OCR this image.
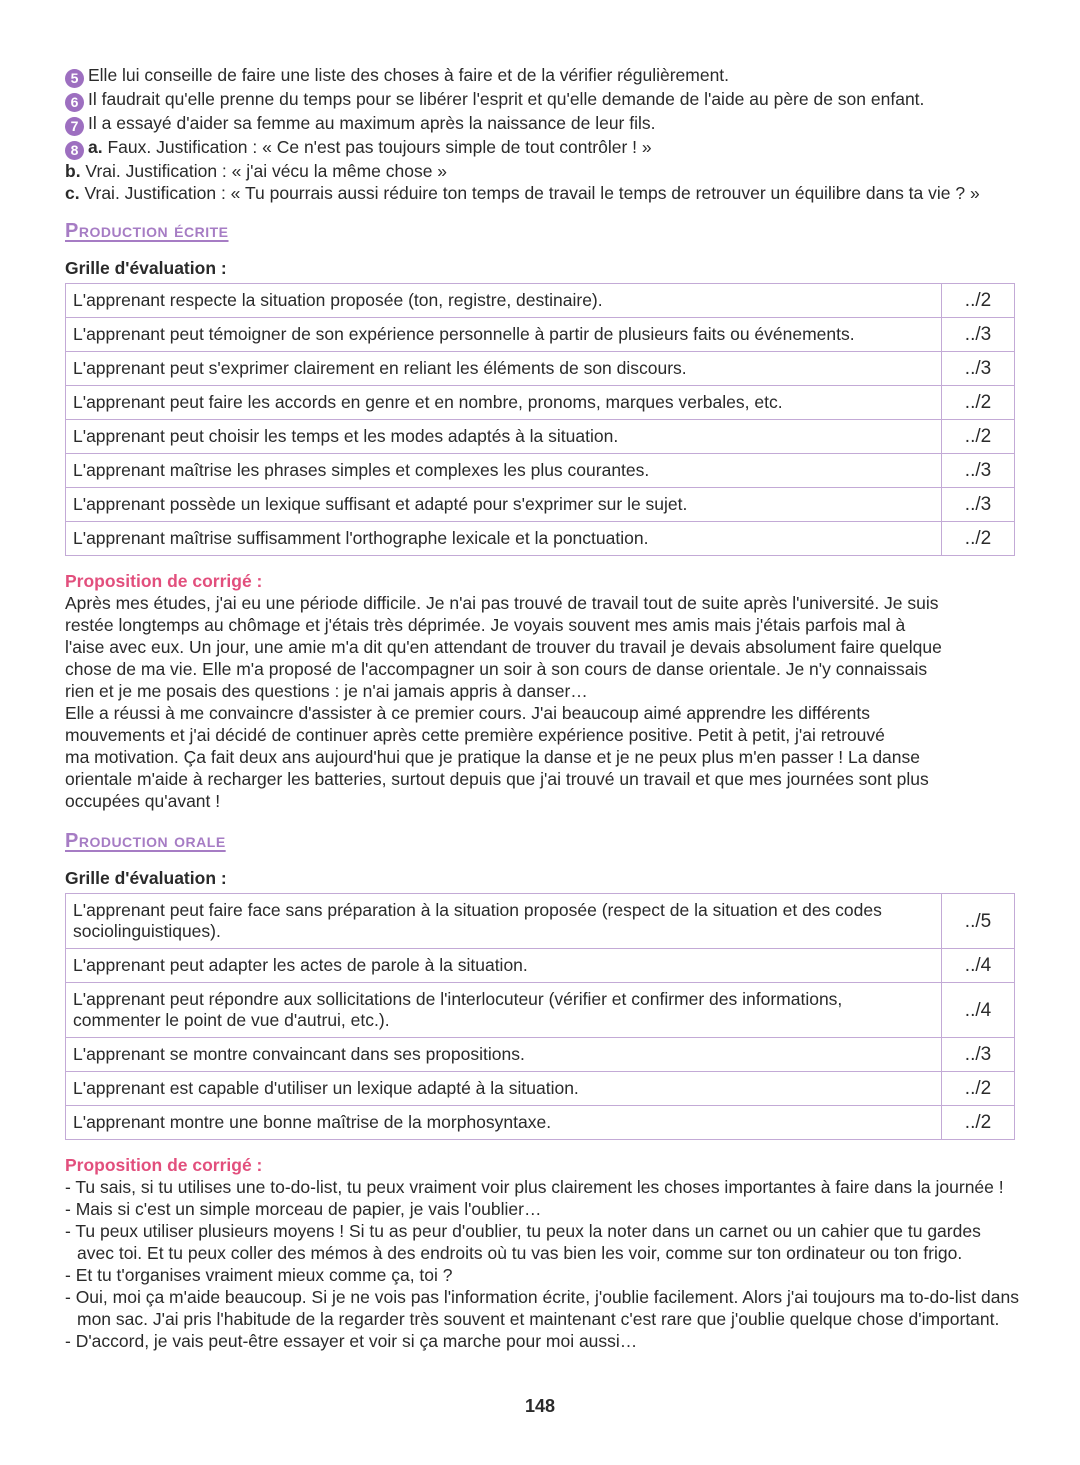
5 Elle lui conseille de faire une liste des choses à faire et de la vérifier régulièrement.
6 Il faudrait qu'elle prenne du temps pour se libérer l'esprit et qu'elle demande de l'aide au père de son enfant.
7 Il a essayé d'aider sa femme au maximum après la naissance de leur fils.
8 a. Faux. Justification : « Ce n'est pas toujours simple de tout contrôler ! »
b. Vrai. Justification : « j'ai vécu la même chose »
c. Vrai. Justification : « Tu pourrais aussi réduire ton temps de travail le temps de retrouver un équilibre dans ta vie ? »
Production écrite
Grille d'évaluation :
L'apprenant respecte la situation proposée (ton, registre, destinaire).	../2
L'apprenant peut témoigner de son expérience personnelle à partir de plusieurs faits ou événements.	../3
L'apprenant peut s'exprimer clairement en reliant les éléments de son discours.	../3
L'apprenant peut faire les accords en genre et en nombre, pronoms, marques verbales, etc.	../2
L'apprenant peut choisir les temps et les modes adaptés à la situation.	../2
L'apprenant maîtrise les phrases simples et complexes les plus courantes.	../3
L'apprenant possède un lexique suffisant et adapté pour s'exprimer sur le sujet.	../3
L'apprenant maîtrise suffisamment l'orthographe lexicale et la ponctuation.	../2
Proposition de corrigé :
Après mes études, j'ai eu une période difficile. Je n'ai pas trouvé de travail tout de suite après l'université. Je suis
restée longtemps au chômage et j'étais très déprimée. Je voyais souvent mes amis mais j'étais parfois mal à
l'aise avec eux. Un jour, une amie m'a dit qu'en attendant de trouver du travail je devais absolument faire quelque
chose de ma vie. Elle m'a proposé de l'accompagner un soir à son cours de danse orientale. Je n'y connaissais
rien et je me posais des questions : je n'ai jamais appris à danser…
Elle a réussi à me convaincre d'assister à ce premier cours. J'ai beaucoup aimé apprendre les différents
mouvements et j'ai décidé de continuer après cette première expérience positive. Petit à petit, j'ai retrouvé
ma motivation. Ça fait deux ans aujourd'hui que je pratique la danse et je ne peux plus m'en passer ! La danse
orientale m'aide à recharger les batteries, surtout depuis que j'ai trouvé un travail et que mes journées sont plus
occupées qu'avant !
Production orale
Grille d'évaluation :
L'apprenant peut faire face sans préparation à la situation proposée (respect de la situation et des codes sociolinguistiques).	../5
L'apprenant peut adapter les actes de parole à la situation.	../4
L'apprenant peut répondre aux sollicitations de l'interlocuteur (vérifier et confirmer des informations, commenter le point de vue d'autrui, etc.).	../4
L'apprenant se montre convaincant dans ses propositions.	../3
L'apprenant est capable d'utiliser un lexique adapté à la situation.	../2
L'apprenant montre une bonne maîtrise de la morphosyntaxe.	../2
Proposition de corrigé :
- Tu sais, si tu utilises une to-do-list, tu peux vraiment voir plus clairement les choses importantes à faire dans la journée !
- Mais si c'est un simple morceau de papier, je vais l'oublier…
- Tu peux utiliser plusieurs moyens ! Si tu as peur d'oublier, tu peux la noter dans un carnet ou un cahier que tu gardes avec toi. Et tu peux coller des mémos à des endroits où tu vas bien les voir, comme sur ton ordinateur ou ton frigo.
- Et tu t'organises vraiment mieux comme ça, toi ?
- Oui, moi ça m'aide beaucoup. Si je ne vois pas l'information écrite, j'oublie facilement. Alors j'ai toujours ma to-do-list dans mon sac. J'ai pris l'habitude de la regarder très souvent et maintenant c'est rare que j'oublie quelque chose d'important.
- D'accord, je vais peut-être essayer et voir si ça marche pour moi aussi…
148
